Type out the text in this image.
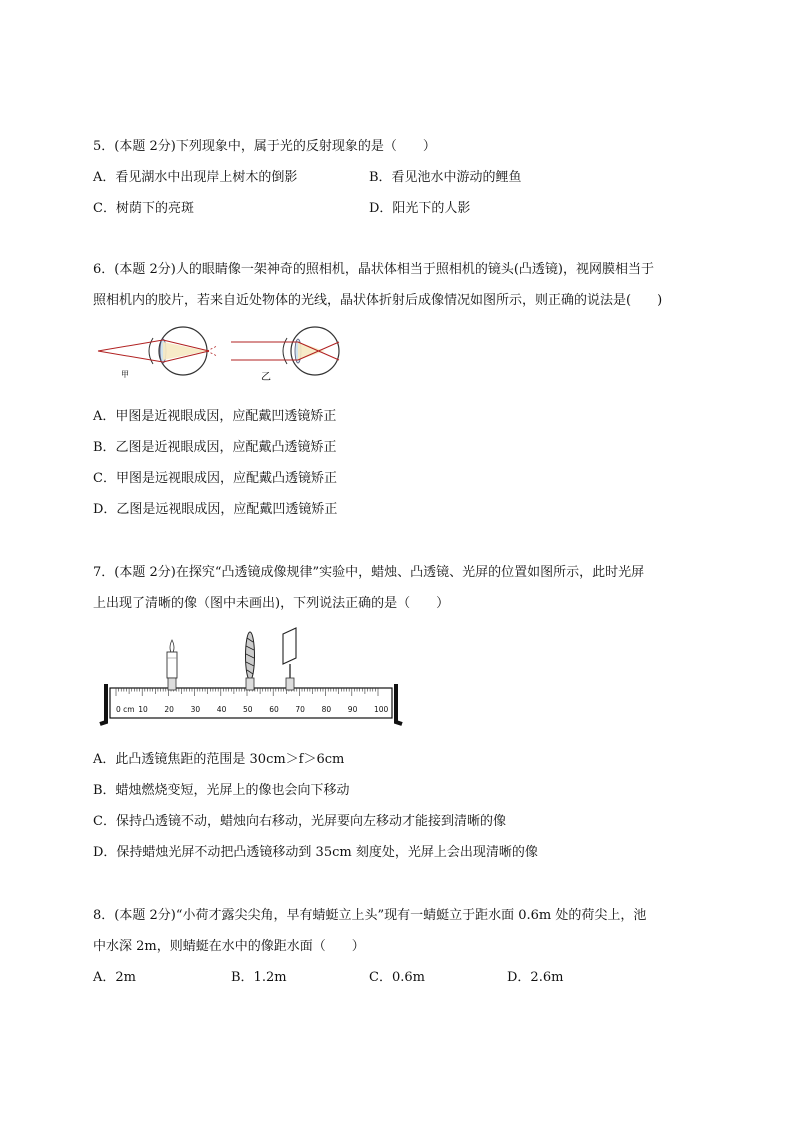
5．(本题 2分)下列现象中，属于光的反射现象的是（　　）
A．看见湖水中出现岸上树木的倒影	B．看见池水中游动的鲤鱼
C．树荫下的亮斑	D．阳光下的人影
6．(本题 2分)人的眼睛像一架神奇的照相机，晶状体相当于照相机的镜头(凸透镜)，视网膜相当于
照相机内的胶片，若来自近处物体的光线，晶状体折射后成像情况如图所示，则正确的说法是(　　)
甲	乙
A．甲图是近视眼成因，应配戴凹透镜矫正
B．乙图是近视眼成因，应配戴凸透镜矫正
C．甲图是远视眼成因，应配戴凸透镜矫正
D．乙图是远视眼成因，应配戴凹透镜矫正
7．(本题 2分)在探究“凸透镜成像规律”实验中，蜡烛、凸透镜、光屏的位置如图所示，此时光屏
上出现了清晰的像（图中未画出)，下列说法正确的是（　　）
0 cm 10 20 30 40 50 60 70 80 90 100
A．此凸透镜焦距的范围是 30cm＞f＞6cm
B．蜡烛燃烧变短，光屏上的像也会向下移动
C．保持凸透镜不动，蜡烛向右移动，光屏要向左移动才能接到清晰的像
D．保持蜡烛光屏不动把凸透镜移动到 35cm 刻度处，光屏上会出现清晰的像
8．(本题 2分)“小荷才露尖尖角，早有蜻蜓立上头”现有一蜻蜓立于距水面 0.6m 处的荷尖上，池
中水深 2m，则蜻蜓在水中的像距水面（　　）
A．2m	B．1.2m	C．0.6m	D．2.6m
